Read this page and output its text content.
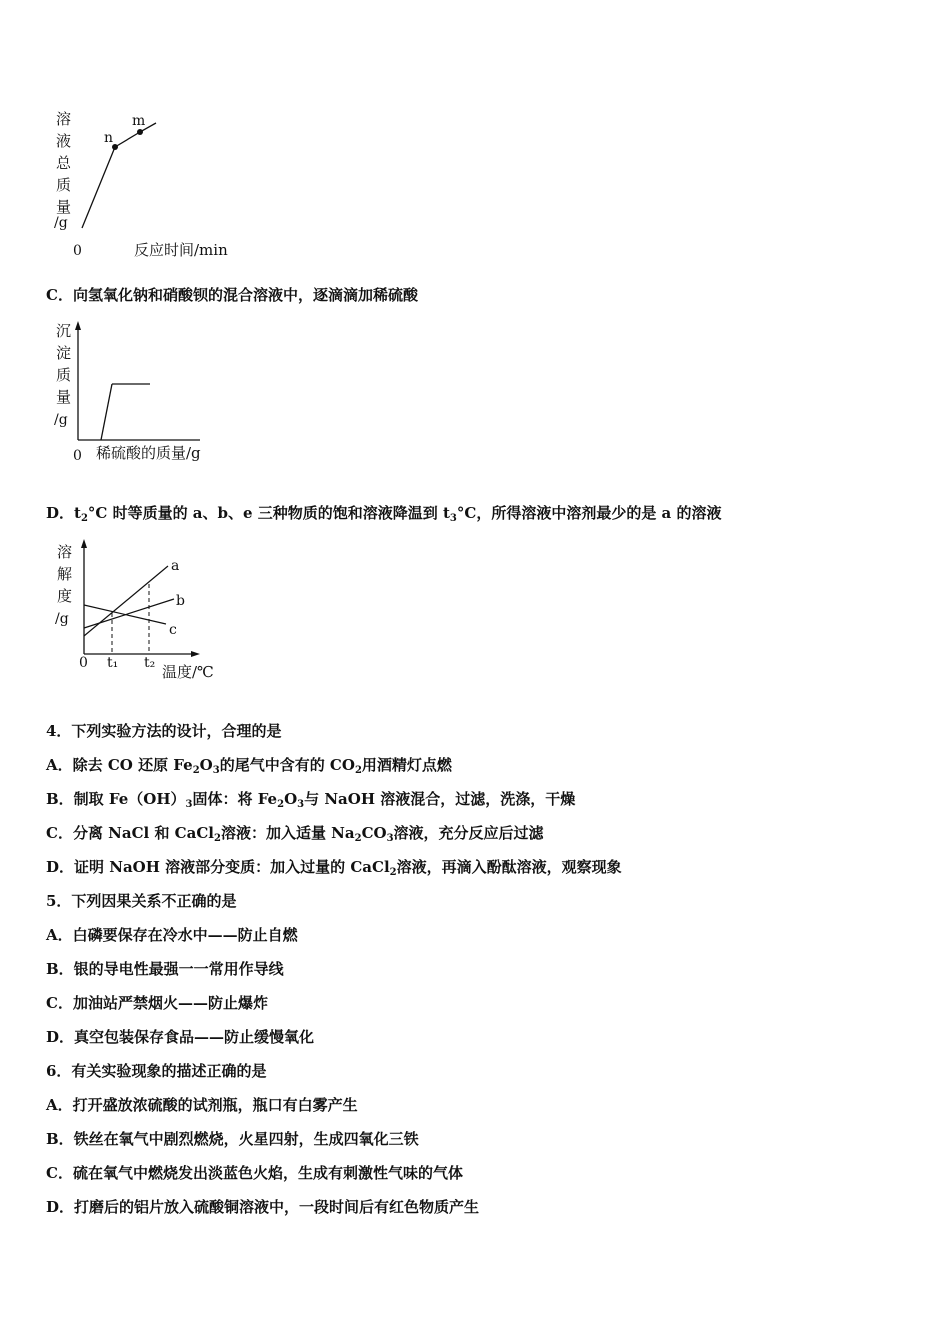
溶
液
总
质
量
/g
n
m
0	反应时间/min
C．向氢氧化钠和硝酸钡的混合溶液中，逐滴滴加稀硫酸
沉
淀
质
量
/g
0 稀硫酸的质量/g
D．$t_2^\circ C$ 时等质量的 a、b、e 三种物质的饱和溶液降温到 $t_3^\circ C$，所得溶液中溶剂最少的是 a 的溶液
溶
解
度
/g
a
b
c
0 t₁ t₂ 温度/℃
4．下列实验方法的设计，合理的是
A．除去 CO 还原 $Fe_2O_3$的尾气中含有的 $CO_2$用酒精灯点燃
B．制取 $Fe(OH)_3$固体：将 $Fe_2O_3$与 NaOH 溶液混合，过滤，洗涤，干燥
C．分离 NaCl 和 CaCl$_2$溶液：加入适量 $Na_2CO_3$溶液，充分反应后过滤
D．证明 NaOH 溶液部分变质：加入过量的 CaCl$_2$溶液，再滴入酚酞溶液，观察现象
5．下列因果关系不正确的是
A．白磷要保存在冷水中——防止自燃
B．银的导电性最强一一常用作导线
C．加油站严禁烟火——防止爆炸
D．真空包装保存食品——防止缓慢氧化
6．有关实验现象的描述正确的是
A．打开盛放浓硫酸的试剂瓶，瓶口有白雾产生
B．铁丝在氧气中剧烈燃烧，火星四射，生成四氧化三铁
C．硫在氧气中燃烧发出淡蓝色火焰，生成有刺激性气味的气体
D．打磨后的铝片放入硫酸铜溶液中，一段时间后有红色物质产生
